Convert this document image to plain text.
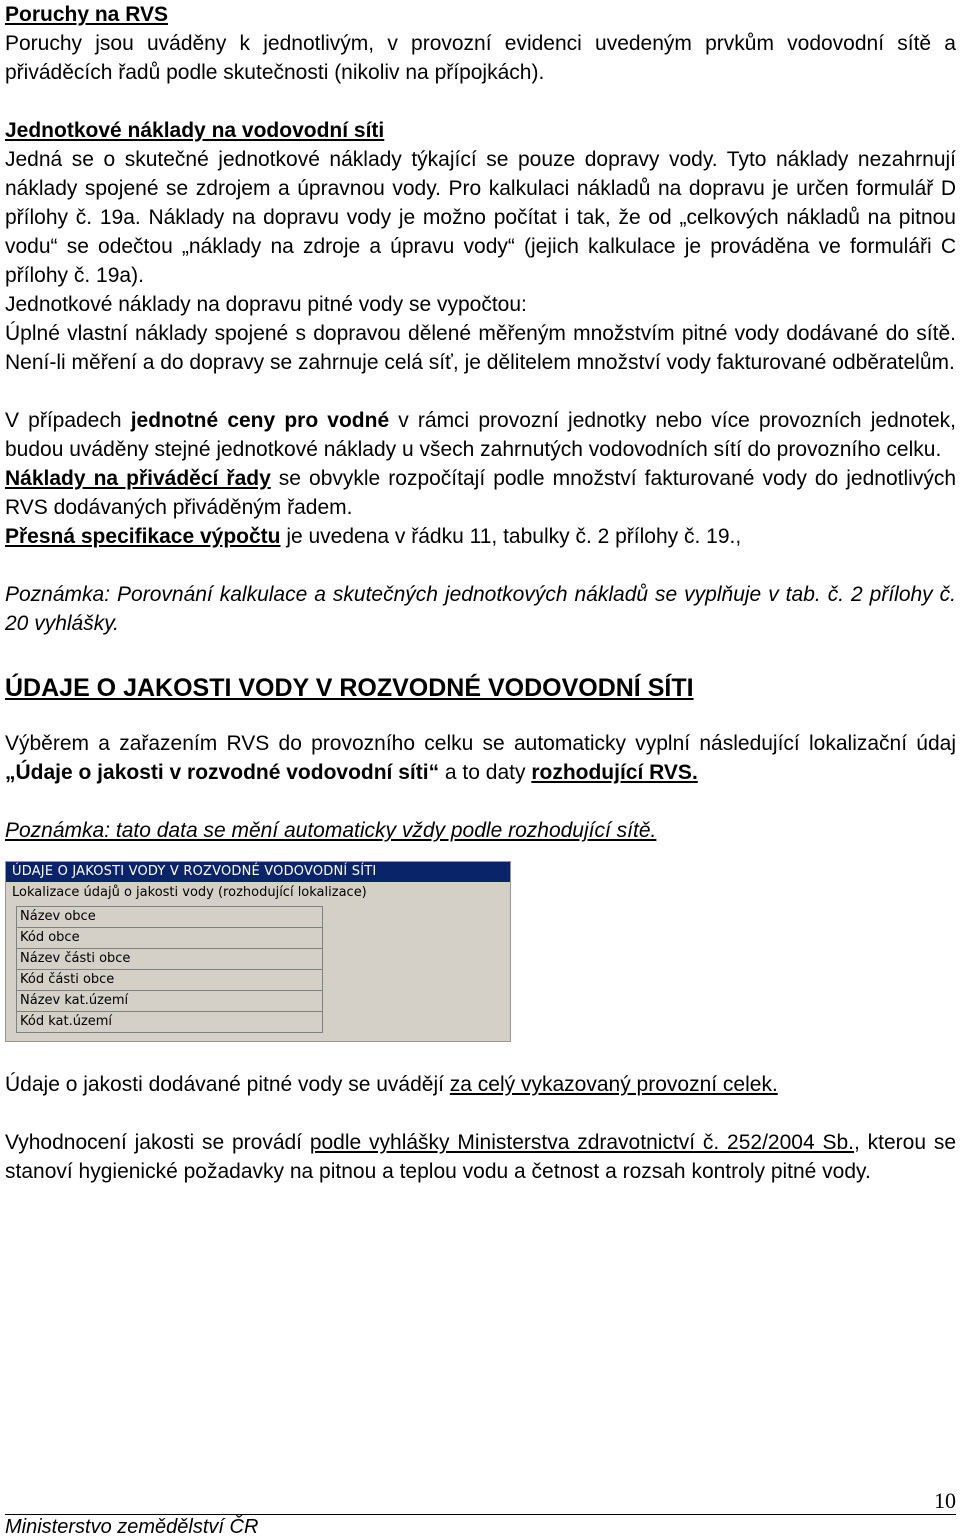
Poruchy na RVS

Poruchy jsou uváděny k jednotlivým, v provozní evidenci uvedeným prvkům vodovodní sítě a přiváděcích řadů podle skutečnosti (nikoliv na přípojkách).

Jednotkové náklady na vodovodní síti

Jedná se o skutečné jednotkové náklady týkající se pouze dopravy vody. Tyto náklady nezahrnují náklady spojené se zdrojem a úpravnou vody. Pro kalkulaci nákladů na dopravu je určen formulář D přílohy č. 19a. Náklady na dopravu vody je možno počítat i tak, že od „celkových nákladů na pitnou vodu“ se odečtou „náklady na zdroje a úpravu vody“ (jejich kalkulace je prováděna ve formuláři C přílohy č. 19a).

Jednotkové náklady na dopravu pitné vody se vypočtou:

Úplné vlastní náklady spojené s dopravou dělené měřeným množstvím pitné vody dodávané do sítě. Není-li měření a do dopravy se zahrnuje celá síť, je dělitelem množství vody fakturované odběratelům.

V případech jednotné ceny pro vodné v rámci provozní jednotky nebo více provozních jednotek, budou uváděny stejné jednotkové náklady u všech zahrnutých vodovodních sítí do provozního celku.

Náklady na přiváděcí řady se obvykle rozpočítají podle množství fakturované vody do jednotlivých RVS dodávaných přiváděným řadem.

Přesná specifikace výpočtu je uvedena v řádku 11, tabulky č. 2 přílohy č. 19.,

Poznámka: Porovnání kalkulace a skutečných jednotkových nákladů se vyplňuje v tab. č. 2 přílohy č. 20 vyhlášky.

ÚDAJE O JAKOSTI VODY V ROZVODNÉ VODOVODNÍ SÍTI

Výběrem a zařazením RVS do provozního celku se automaticky vyplní následující lokalizační údaj „Údaje o jakosti v rozvodné vodovodní síti“ a to daty rozhodující RVS.

Poznámka: tato data se mění automaticky vždy podle rozhodující sítě.

ÚDAJE O JAKOSTI VODY V ROZVODNÉ VODOVODNÍ SÍTI
Lokalizace údajů o jakosti vody (rozhodující lokalizace)
Název obce
Kód obce
Název části obce
Kód části obce
Název kat.území
Kód kat.území

Údaje o jakosti dodávané pitné vody se uvádějí za celý vykazovaný provozní celek.

Vyhodnocení jakosti se provádí podle vyhlášky Ministerstva zdravotnictví č. 252/2004 Sb., kterou se stanoví hygienické požadavky na pitnou a teplou vodu a četnost a rozsah kontroly pitné vody.

10
Ministerstvo zemědělství ČR
